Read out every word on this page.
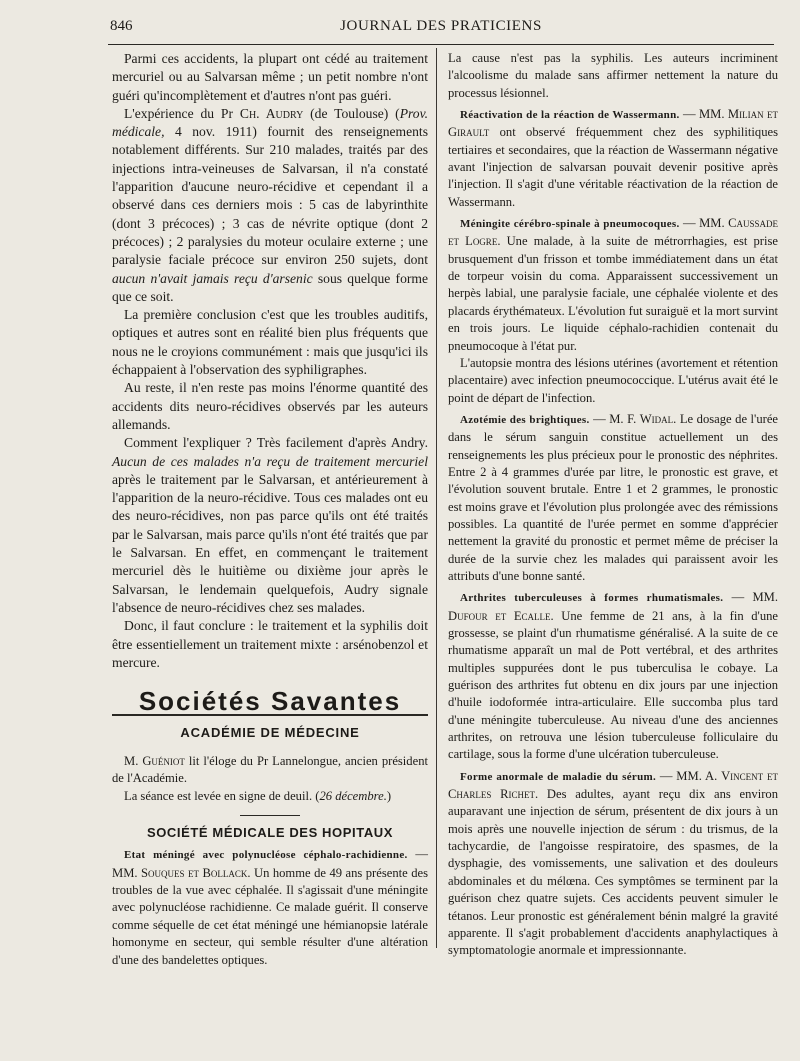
846	JOURNAL DES PRATICIENS

Parmi ces accidents, la plupart ont cédé au traitement mercuriel ou au Salvarsan même ; un petit nombre n'ont guéri qu'incomplètement et d'autres n'ont pas guéri.

L'expérience du Pr Ch. Audry (de Toulouse) (Prov. médicale, 4 nov. 1911) fournit des renseignements notablement différents. Sur 210 malades, traités par des injections intra-veineuses de Salvarsan, il n'a constaté l'apparition d'aucune neuro-récidive et cependant il a observé dans ces derniers mois : 5 cas de labyrinthite (dont 3 précoces) ; 3 cas de névrite optique (dont 2 précoces) ; 2 paralysies du moteur oculaire externe ; une paralysie faciale précoce sur environ 250 sujets, dont aucun n'avait jamais reçu d'arsenic sous quelque forme que ce soit.

La première conclusion c'est que les troubles auditifs, optiques et autres sont en réalité bien plus fréquents que nous ne le croyions communément : mais que jusqu'ici ils échappaient à l'observation des syphiligraphes.

Au reste, il n'en reste pas moins l'énorme quantité des accidents dits neuro-récidives observés par les auteurs allemands.

Comment l'expliquer ? Très facilement d'après Andry. Aucun de ces malades n'a reçu de traitement mercuriel après le traitement par le Salvarsan, et antérieurement à l'apparition de la neuro-récidive. Tous ces malades ont eu des neuro-récidives, non pas parce qu'ils ont été traités par le Salvarsan, mais parce qu'ils n'ont été traités que par le Salvarsan. En effet, en commençant le traitement mercuriel dès le huitième ou dixième jour après le Salvarsan, le lendemain quelquefois, Audry signale l'absence de neuro-récidives chez ses malades.

Donc, il faut conclure : le traitement et la syphilis doit être essentiellement un traitement mixte : arsénobenzol et mercure.

Sociétés Savantes
ACADÉMIE DE MÉDECINE

M. Guéniot lit l'éloge du Pr Lannelongue, ancien président de l'Académie.

La séance est levée en signe de deuil. (26 décembre.)

SOCIÉTÉ MÉDICALE DES HOPITAUX

Etat méningé avec polynucléose céphalo-rachidienne. — MM. Souques et Bollack. Un homme de 49 ans présente des troubles de la vue avec céphalée. Il s'agissait d'une méningite avec polynucléose rachidienne. Ce malade guérit. Il conserve comme séquelle de cet état méningé une hémianopsie latérale homonyme en secteur, qui semble résulter d'une altération d'une des bandelettes optiques.

La cause n'est pas la syphilis. Les auteurs incriminent l'alcoolisme du malade sans affirmer nettement la nature du processus lésionnel.

Réactivation de la réaction de Wassermann. — MM. Milian et Girault ont observé fréquemment chez des syphilitiques tertiaires et secondaires, que la réaction de Wassermann négative avant l'injection de salvarsan pouvait devenir positive après l'injection. Il s'agit d'une véritable réactivation de la réaction de Wassermann.

Méningite cérébro-spinale à pneumocoques. — MM. Caussade et Logre. Une malade, à la suite de métrorrhagies, est prise brusquement d'un frisson et tombe immédiatement dans un état de torpeur voisin du coma. Apparaissent successivement un herpès labial, une paralysie faciale, une céphalée violente et des placards érythémateux. L'évolution fut suraiguë et la mort survint en trois jours. Le liquide céphalo-rachidien contenait du pneumocoque à l'état pur.

L'autopsie montra des lésions utérines (avortement et rétention placentaire) avec infection pneumococcique. L'utérus avait été le point de départ de l'infection.

Azotémie des brightiques. — M. F. Widal. Le dosage de l'urée dans le sérum sanguin constitue actuellement un des renseignements les plus précieux pour le pronostic des néphrites. Entre 2 à 4 grammes d'urée par litre, le pronostic est grave, et l'évolution souvent brutale. Entre 1 et 2 grammes, le pronostic est moins grave et l'évolution plus prolongée avec des rémissions possibles. La quantité de l'urée permet en somme d'apprécier nettement la gravité du pronostic et permet même de préciser la durée de la survie chez les malades qui paraissent avoir les attributs d'une bonne santé.

Arthrites tuberculeuses à formes rhumatismales. — MM. Dufour et Ecalle. Une femme de 21 ans, à la fin d'une grossesse, se plaint d'un rhumatisme généralisé. A la suite de ce rhumatisme apparaît un mal de Pott vertébral, et des arthrites multiples suppurées dont le pus tuberculisa le cobaye. La guérison des arthrites fut obtenu en dix jours par une injection d'huile iodoformée intra-articulaire. Elle succomba plus tard d'une méningite tuberculeuse. Au niveau d'une des anciennes arthrites, on retrouva une lésion tuberculeuse folliculaire du cartilage, sous la forme d'une ulcération tuberculeuse.

Forme anormale de maladie du sérum. — MM. A. Vincent et Charles Richet. Des adultes, ayant reçu dix ans environ auparavant une injection de sérum, présentent de dix jours à un mois après une nouvelle injection de sérum : du trismus, de la tachycardie, de l'angoisse respiratoire, des spasmes, de la dysphagie, des vomissements, une salivation et des douleurs abdominales et du mélœna. Ces symptômes se terminent par la guérison chez quatre sujets. Ces accidents peuvent simuler le tétanos. Leur pronostic est généralement bénin malgré la gravité apparente. Il s'agit probablement d'accidents anaphylactiques à symptomatologie anormale et impressionnante.
